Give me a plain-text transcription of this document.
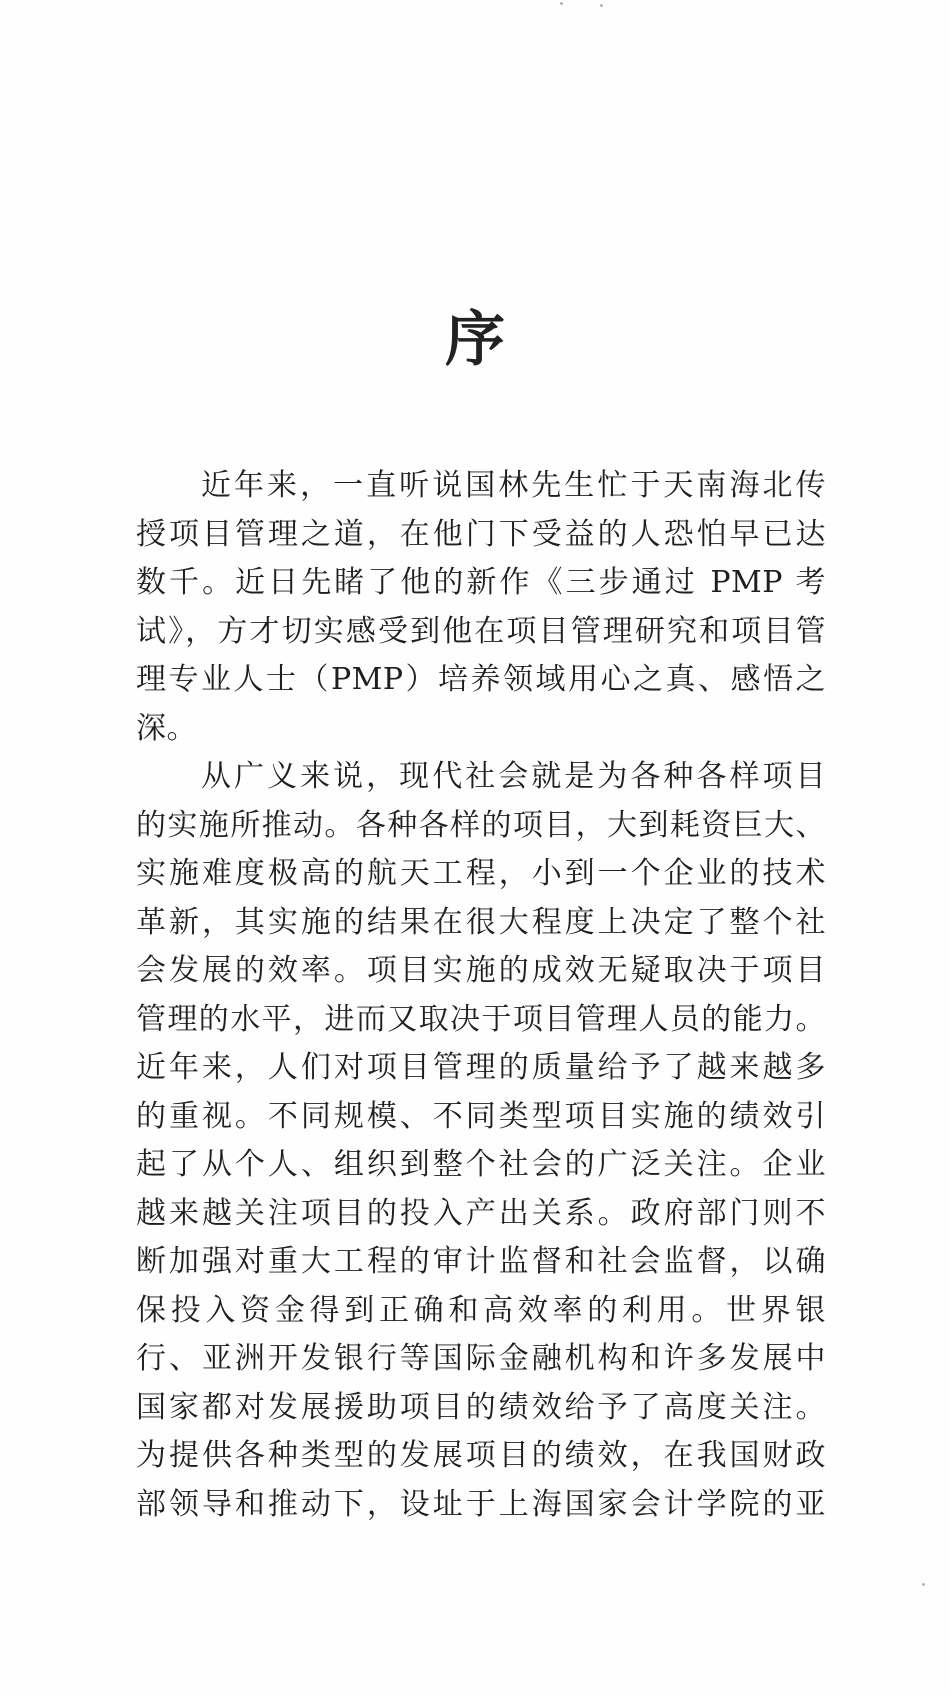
序
近年来，一直听说国林先生忙于天南海北传
授项目管理之道，在他门下受益的人恐怕早已达
数千。近日先睹了他的新作《三步通过 PMP 考
试》，方才切实感受到他在项目管理研究和项目管
理专业人士（PMP）培养领域用心之真、感悟之
深。
从广义来说，现代社会就是为各种各样项目
的实施所推动。各种各样的项目，大到耗资巨大、
实施难度极高的航天工程，小到一个企业的技术
革新，其实施的结果在很大程度上决定了整个社
会发展的效率。项目实施的成效无疑取决于项目
管理的水平，进而又取决于项目管理人员的能力。
近年来，人们对项目管理的质量给予了越来越多
的重视。不同规模、不同类型项目实施的绩效引
起了从个人、组织到整个社会的广泛关注。企业
越来越关注项目的投入产出关系。政府部门则不
断加强对重大工程的审计监督和社会监督，以确
保投入资金得到正确和高效率的利用。世界银
行、亚洲开发银行等国际金融机构和许多发展中
国家都对发展援助项目的绩效给予了高度关注。
为提供各种类型的发展项目的绩效，在我国财政
部领导和推动下，设址于上海国家会计学院的亚
